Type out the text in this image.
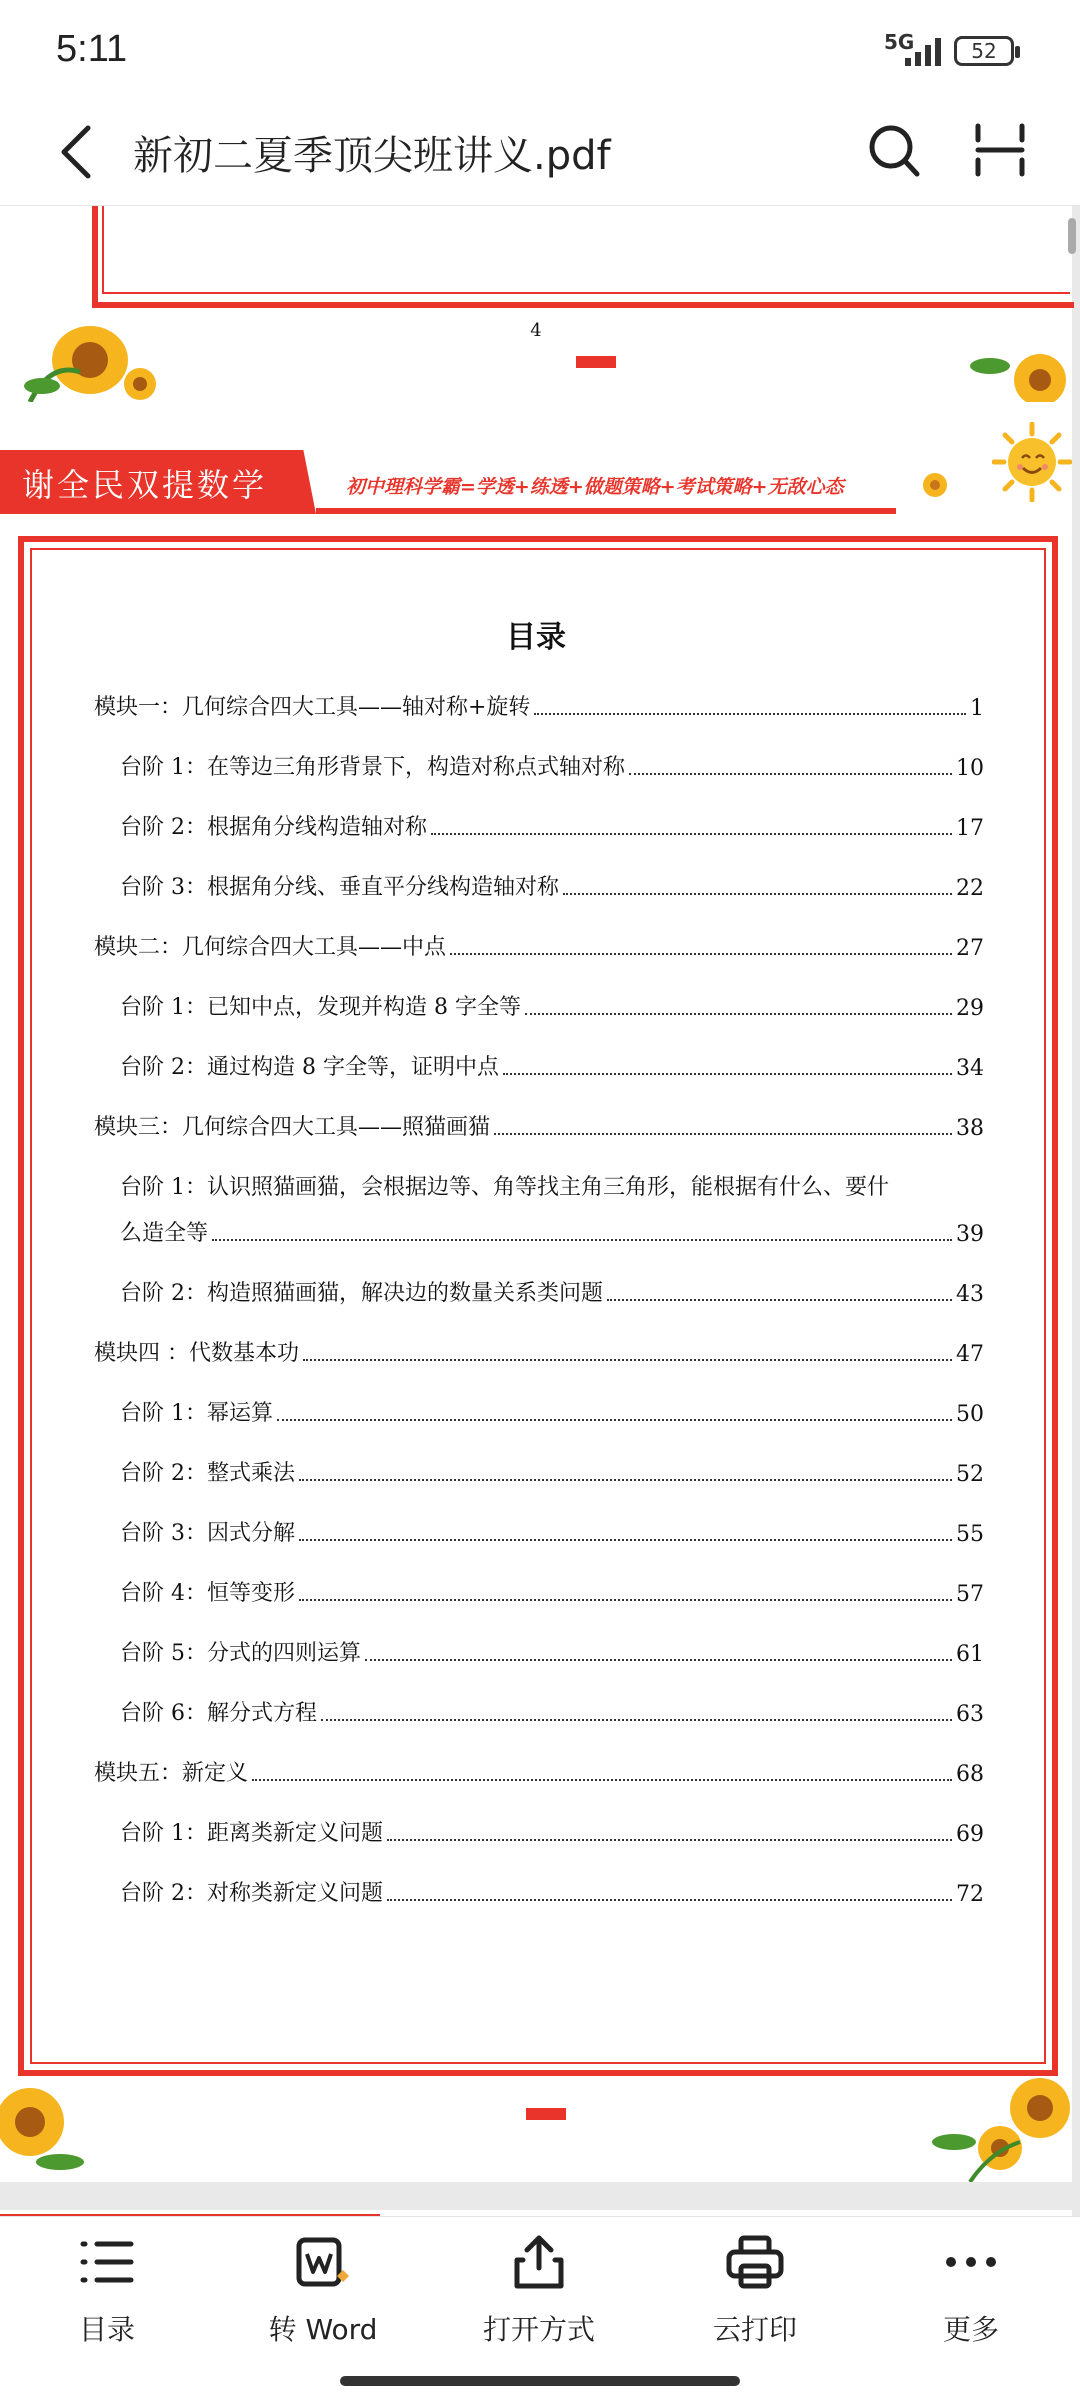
5:11	5G	52
新初二夏季顶尖班讲义.pdf
4
谢全民双提数学	初中理科学霸=学透+练透+做题策略+考试策略+无敌心态
目录
模块一：几何综合四大工具——轴对称+旋转	1
台阶 1：在等边三角形背景下，构造对称点式轴对称	10
台阶 2：根据角分线构造轴对称	17
台阶 3：根据角分线、垂直平分线构造轴对称	22
模块二：几何综合四大工具——中点	27
台阶 1：已知中点，发现并构造 8 字全等	29
台阶 2：通过构造 8 字全等，证明中点	34
模块三：几何综合四大工具——照猫画猫	38
台阶 1：认识照猫画猫，会根据边等、角等找主角三角形，能根据有什么、要什
么造全等	39
台阶 2：构造照猫画猫，解决边的数量关系类问题	43
模块四 ：代数基本功	47
台阶 1：幂运算	50
台阶 2：整式乘法	52
台阶 3：因式分解	55
台阶 4：恒等变形	57
台阶 5：分式的四则运算	61
台阶 6：解分式方程	63
模块五：新定义	68
台阶 1：距离类新定义问题	69
台阶 2：对称类新定义问题	72
目录	转 Word	打开方式	云打印	更多
